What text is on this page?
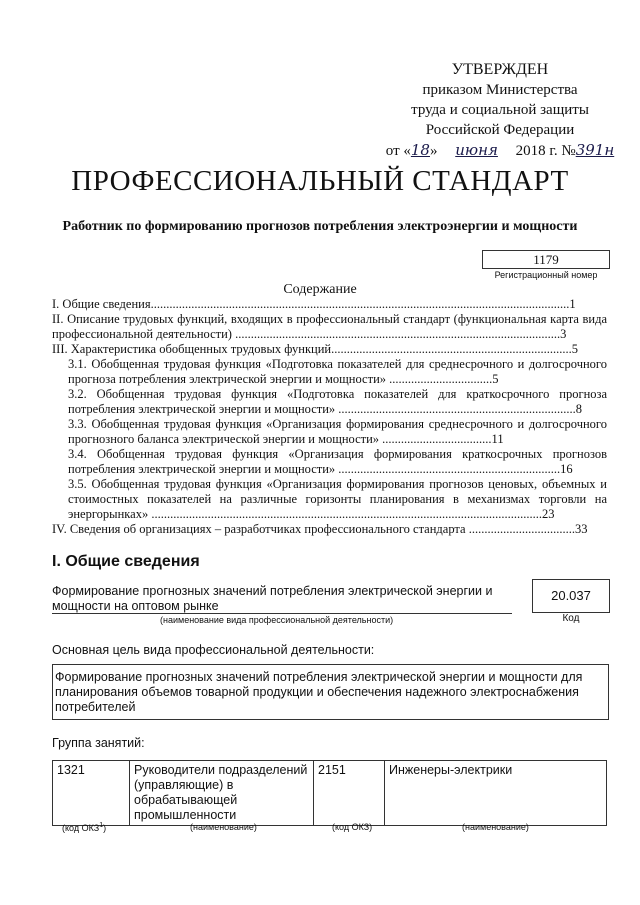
УТВЕРЖДЕН
приказом Министерства
труда и социальной защиты
Российской Федерации
от «18» июня 2018 г. №391н
ПРОФЕССИОНАЛЬНЫЙ СТАНДАРТ
Работник по формированию прогнозов потребления электроэнергии и мощности
1179
Регистрационный номер
Содержание
I. Общие сведения......................................................................................................................................1
II. Описание трудовых функций, входящих в профессиональный стандарт (функциональная карта вида профессиональной деятельности) ........................................................................................................3
III. Характеристика обобщенных трудовых функций.............................................................................5
3.1. Обобщенная трудовая функция «Подготовка показателей для среднесрочного и долгосрочного прогноза потребления электрической энергии и мощности» .................................5
3.2. Обобщенная трудовая функция «Подготовка показателей для краткосрочного прогноза потребления электрической энергии и мощности» ............................................................................8
3.3. Обобщенная трудовая функция «Организация формирования среднесрочного и долгосрочного прогнозного баланса электрической энергии и мощности» ...................................11
3.4. Обобщенная трудовая функция «Организация формирования краткосрочных прогнозов потребления электрической энергии и мощности» .......................................................................16
3.5. Обобщенная трудовая функция «Организация формирования прогнозов ценовых, объемных и стоимостных показателей на различные горизонты планирования в механизмах торговли на энергорынках» .............................................................................................................................23
IV. Сведения об организациях – разработчиках профессионального стандарта ..................................33
I. Общие сведения
Формирование прогнозных значений потребления электрической энергии и мощности на оптовом рынке
(наименование вида профессиональной деятельности)
20.037
Код
Основная цель вида профессиональной деятельности:
Формирование прогнозных значений потребления электрической энергии и мощности для планирования объемов товарной продукции и обеспечения надежного электроснабжения потребителей
Группа занятий:
1321	Руководители подразделений (управляющие) в обрабатывающей промышленности	2151	Инженеры-электрики
(код ОКЗ$^1$)	(наименование)	(код ОКЗ)	(наименование)
